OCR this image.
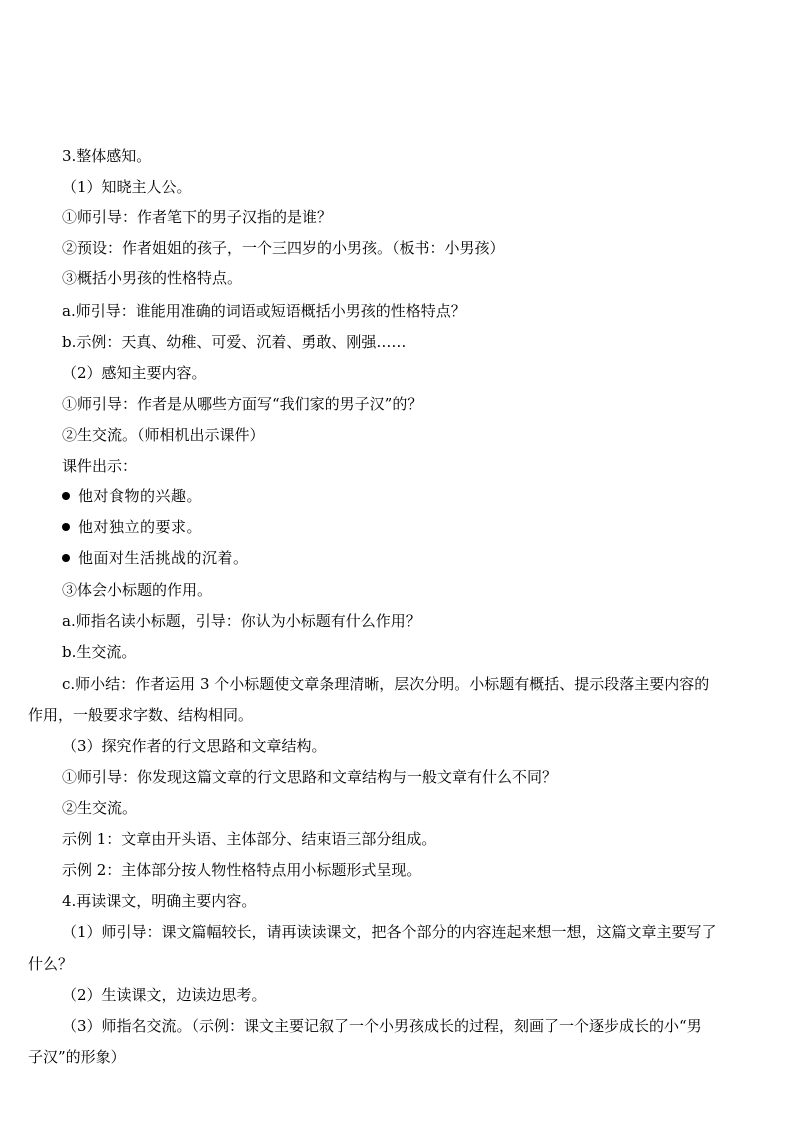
3.整体感知。
（1）知晓主人公。
①师引导：作者笔下的男子汉指的是谁？
②预设：作者姐姐的孩子，一个三四岁的小男孩。（板书：小男孩）
③概括小男孩的性格特点。
a.师引导：谁能用准确的词语或短语概括小男孩的性格特点？
b.示例：天真、幼稚、可爱、沉着、勇敢、刚强……
（2）感知主要内容。
①师引导：作者是从哪些方面写“我们家的男子汉”的？
②生交流。（师相机出示课件）
课件出示：
他对食物的兴趣。
他对独立的要求。
他面对生活挑战的沉着。
③体会小标题的作用。
a.师指名读小标题，引导：你认为小标题有什么作用？
b.生交流。
c.师小结：作者运用 3 个小标题使文章条理清晰，层次分明。小标题有概括、提示段落主要内容的
作用，一般要求字数、结构相同。
（3）探究作者的行文思路和文章结构。
①师引导：你发现这篇文章的行文思路和文章结构与一般文章有什么不同？
②生交流。
示例 1：文章由开头语、主体部分、结束语三部分组成。
示例 2：主体部分按人物性格特点用小标题形式呈现。
4.再读课文，明确主要内容。
（1）师引导：课文篇幅较长，请再读读课文，把各个部分的内容连起来想一想，这篇文章主要写了
什么？
（2）生读课文，边读边思考。
（3）师指名交流。（示例：课文主要记叙了一个小男孩成长的过程，刻画了一个逐步成长的小“男
子汉”的形象）
